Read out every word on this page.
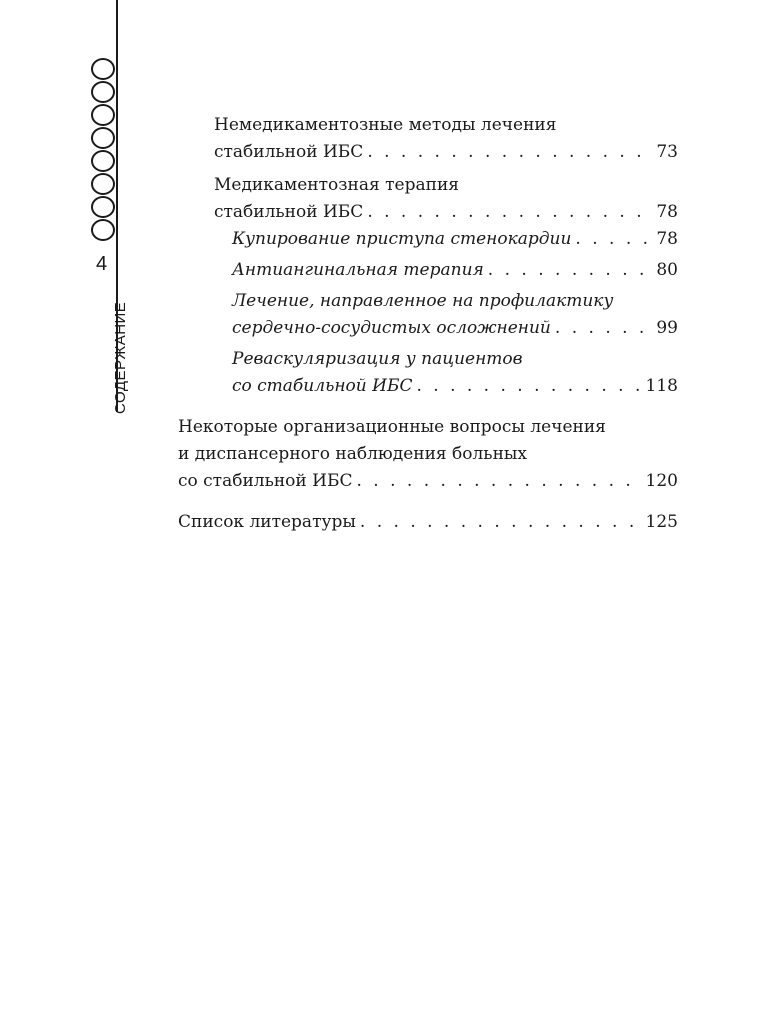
4
СОДЕРЖАНИЕ
Немедикаментозные методы лечения
стабильной ИБС . . .	73
Медикаментозная терапия
стабильной ИБС . . .	78
Купирование приступа стенокардии . . .	78
Антиангинальная терапия . . .	80
Лечение, направленное на профилактику
сердечно-сосудистых осложнений . . .	99
Реваскуляризация у пациентов
со стабильной ИБС . . .	118
Некоторые организационные вопросы лечения
и диспансерного наблюдения больных
со стабильной ИБС . . .	120
Список литературы . . .	125
